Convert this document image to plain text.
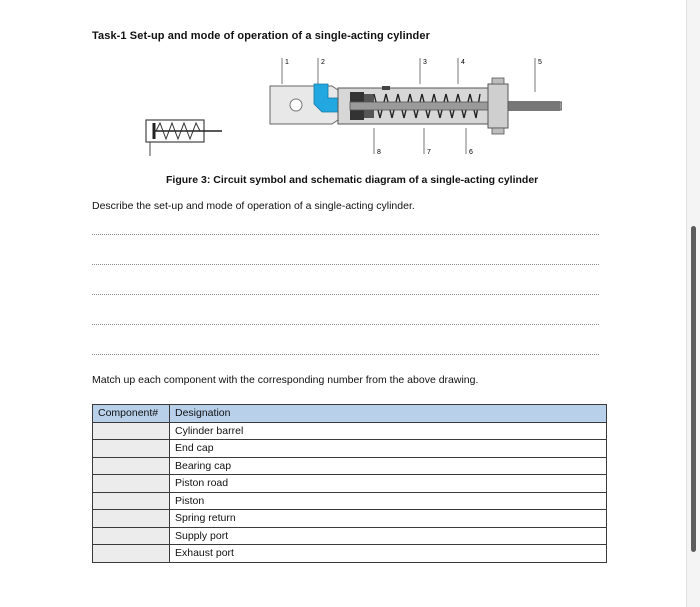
Task-1 Set-up and mode of operation of a single-acting cylinder
1	2	3	4	5
6
7
8
Figure 3: Circuit symbol and schematic diagram of a single-acting cylinder
Describe the set-up and mode of operation of a single-acting cylinder.
Match up each component with the corresponding number from the above drawing.
Component#	Designation
	Cylinder barrel
	End cap
	Bearing cap
	Piston road
	Piston
	Spring return
	Supply port
	Exhaust port
